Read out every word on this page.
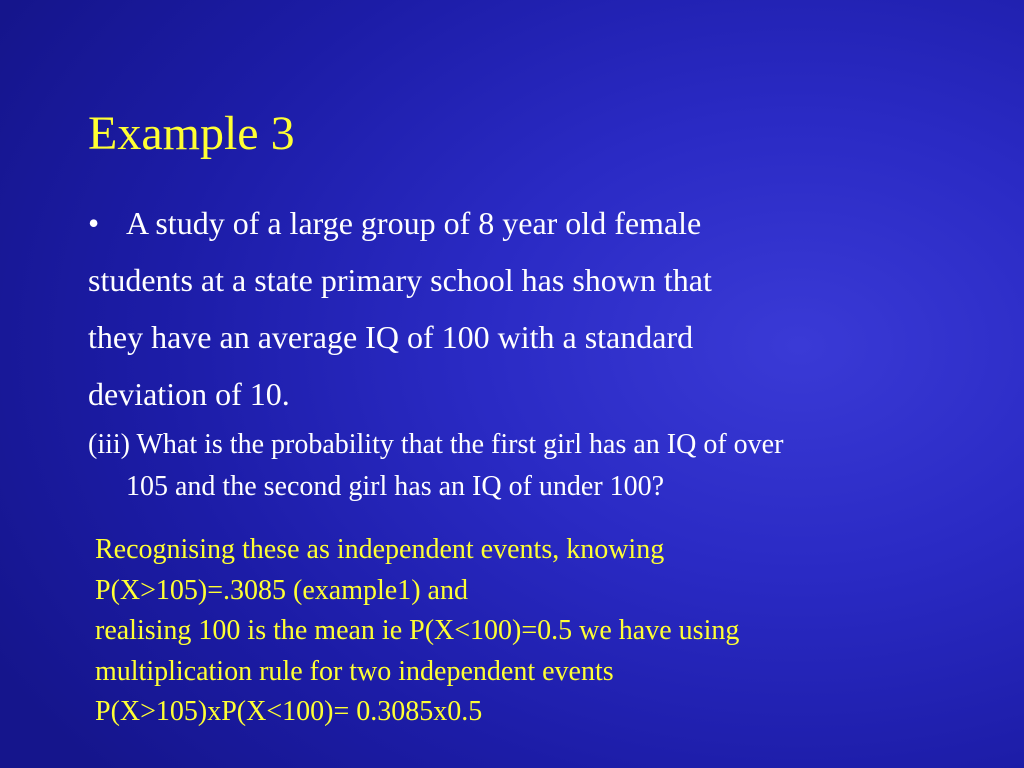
Example 3
• A study of a large group of 8 year old female
students at a state primary school has shown that
they have an average IQ of 100 with a standard
deviation of 10.
(iii) What is the probability that the first girl has an IQ of over
105 and the second girl has an IQ of under 100?
Recognising these as independent events, knowing
P(X>105)=.3085 (example1) and
realising 100 is the mean ie P(X<100)=0.5 we have using
multiplication rule for two independent events
P(X>105)xP(X<100)= 0.3085x0.5
